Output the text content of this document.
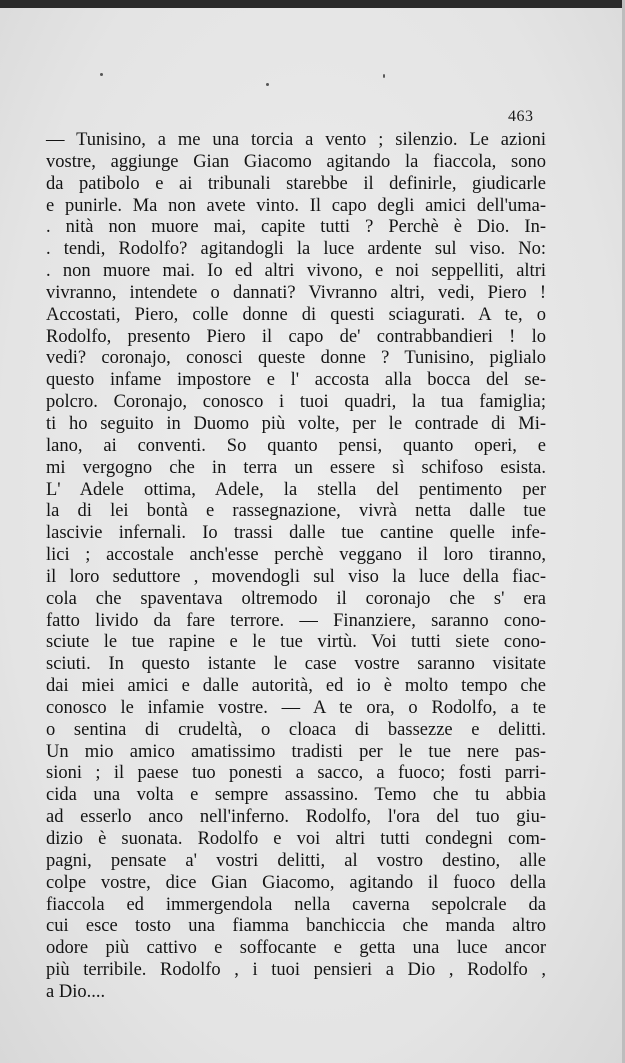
463
— Tunisino, a me una torcia a vento ; silenzio. Le azioni
vostre, aggiunge Gian Giacomo agitando la fiaccola, sono
da patibolo e ai tribunali starebbe il definirle, giudicarle
e punirle. Ma non avete vinto. Il capo degli amici dell'uma-
. nità non muore mai, capite tutti ? Perchè è Dio. In-
. tendi, Rodolfo? agitandogli la luce ardente sul viso. No:
. non muore mai. Io ed altri vivono, e noi seppelliti, altri
vivranno, intendete o dannati? Vivranno altri, vedi, Piero !
Accostati, Piero, colle donne di questi sciagurati. A te, o
Rodolfo, presento Piero il capo de' contrabbandieri ! lo
vedi? coronajo, conosci queste donne ? Tunisino, piglialo
questo infame impostore e l' accosta alla bocca del se-
polcro. Coronajo, conosco i tuoi quadri, la tua famiglia;
ti ho seguito in Duomo più volte, per le contrade di Mi-
lano, ai conventi. So quanto pensi, quanto operi, e
mi vergogno che in terra un essere sì schifoso esista.
L' Adele ottima, Adele, la stella del pentimento per
la di lei bontà e rassegnazione, vivrà netta dalle tue
lascivie infernali. Io trassi dalle tue cantine quelle infe-
lici ; accostale anch'esse perchè veggano il loro tiranno,
il loro seduttore , movendogli sul viso la luce della fiac-
cola che spaventava oltremodo il coronajo che s' era
fatto livido da fare terrore. — Finanziere, saranno cono-
sciute le tue rapine e le tue virtù. Voi tutti siete cono-
sciuti. In questo istante le case vostre saranno visitate
dai miei amici e dalle autorità, ed io è molto tempo che
conosco le infamie vostre. — A te ora, o Rodolfo, a te
o sentina di crudeltà, o cloaca di bassezze e delitti.
Un mio amico amatissimo tradisti per le tue nere pas-
sioni ; il paese tuo ponesti a sacco, a fuoco; fosti parri-
cida una volta e sempre assassino. Temo che tu abbia
ad esserlo anco nell'inferno. Rodolfo, l'ora del tuo giu-
dizio è suonata. Rodolfo e voi altri tutti condegni com-
pagni, pensate a' vostri delitti, al vostro destino, alle
colpe vostre, dice Gian Giacomo, agitando il fuoco della
fiaccola ed immergendola nella caverna sepolcrale da
cui esce tosto una fiamma banchiccia che manda altro
odore più cattivo e soffocante e getta una luce ancor
più terribile. Rodolfo , i tuoi pensieri a Dio , Rodolfo ,
a Dio....
